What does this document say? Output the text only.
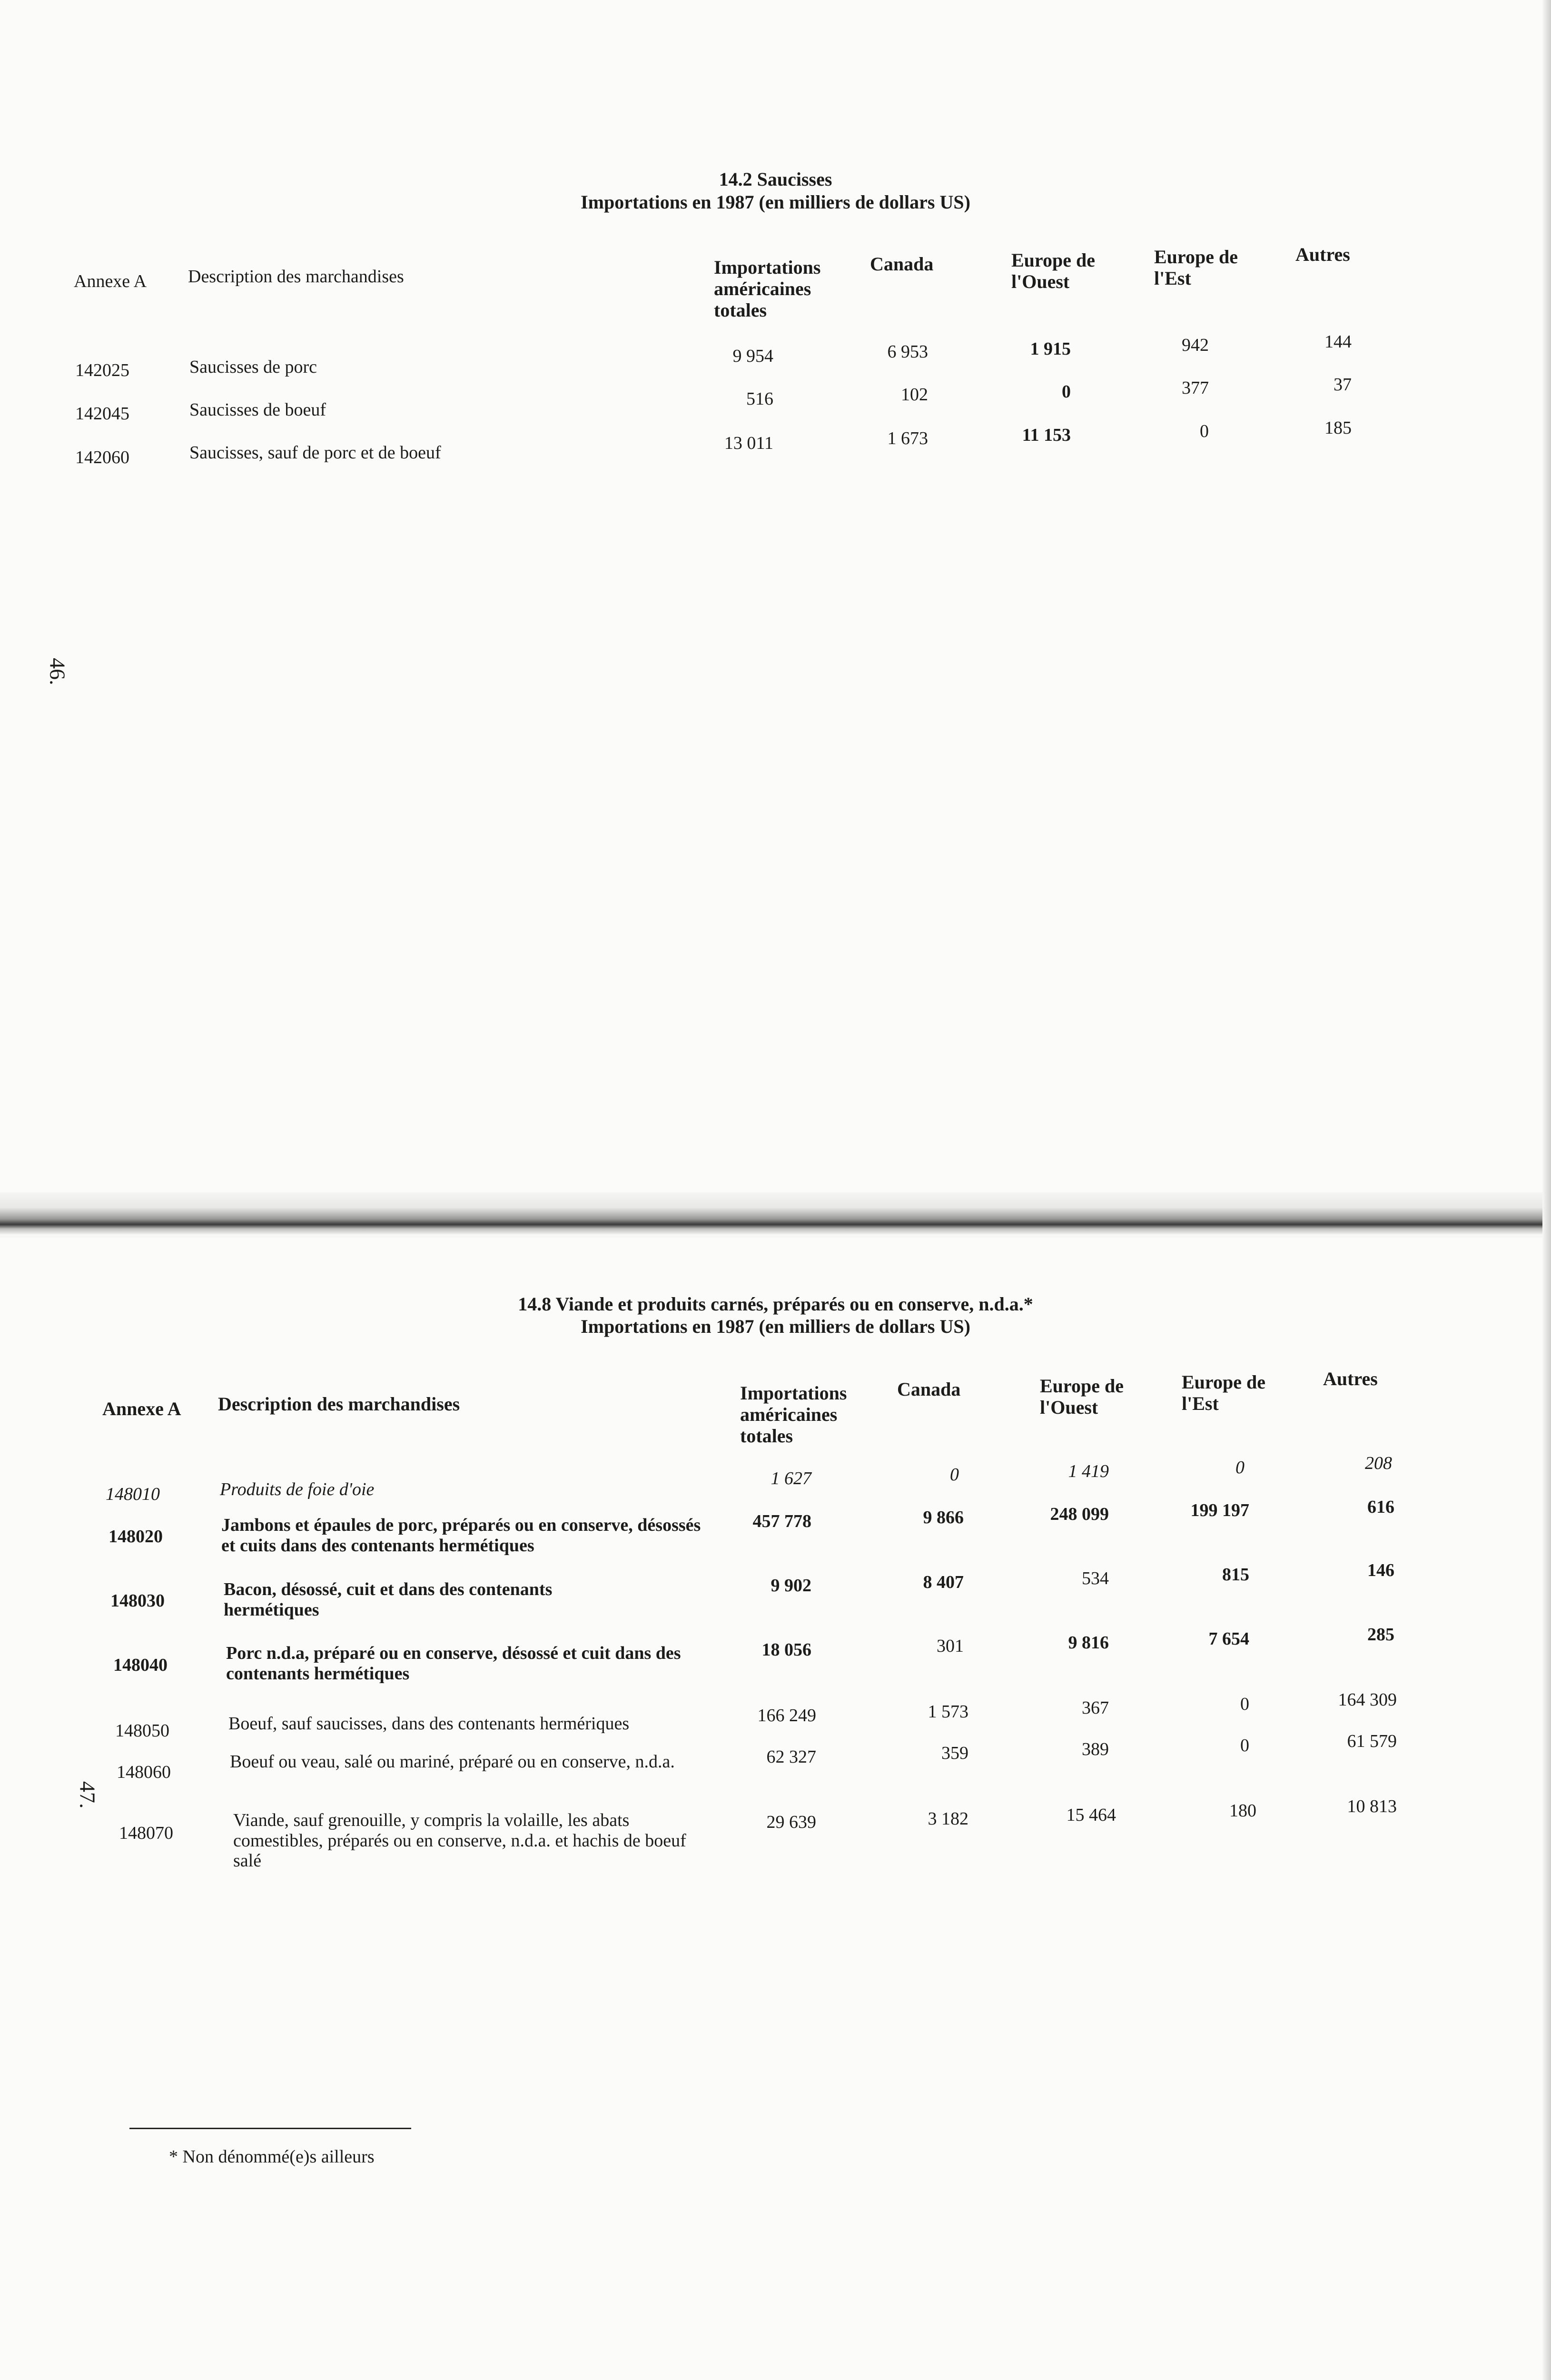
46.
14.2 Saucisses
Importations en 1987 (en milliers de dollars US)
Annexe A Description des marchandises	Importations américaines totales
Canada	Europe de l'Ouest
Europe de l'Est
Autres
142025	Saucisses de porc
9 954	6 953	1 915	942	144
142045	Saucisses de boeuf
516	102	0	377	37
142060	Saucisses, sauf de porc et de boeuf	13 011	1 673	11 153	0	185
47.
14.8 Viande et produits carnés, préparés ou en conserve, n.d.a.*
Importations en 1987 (en milliers de dollars US)
Annexe A Description des marchandises
Importations américaines totales
Canada	Europe de l'Ouest
Europe de l'Est
Autres
148010	Produits de foie d'oie
1 627	0	1 419	0	208
148020
Jambons et épaules de porc, préparés ou en conserve, désossés et cuits dans des contenants hermétiques
457 778	9 866	248 099	199 197	616
148030
Bacon, désossé, cuit et dans des contenants hermétiques
9 902	8 407	534	815	146
148040
Porc n.d.a, préparé ou en conserve, désossé et cuit dans des contenants hermétiques
18 056	301	9 816	7 654	285
148050	Boeuf, sauf saucisses, dans des contenants hermériques	166 249	1 573	367	0	164 309
148060
Boeuf ou veau, salé ou mariné, préparé ou en conserve, n.d.a.	62 327	359	389	0	61 579
148070
Viande, sauf grenouille, y compris la volaille, les abats comestibles, préparés ou en conserve, n.d.a. et hachis de boeuf salé
29 639	3 182	15 464	180	10 813
* Non dénommé(e)s ailleurs
